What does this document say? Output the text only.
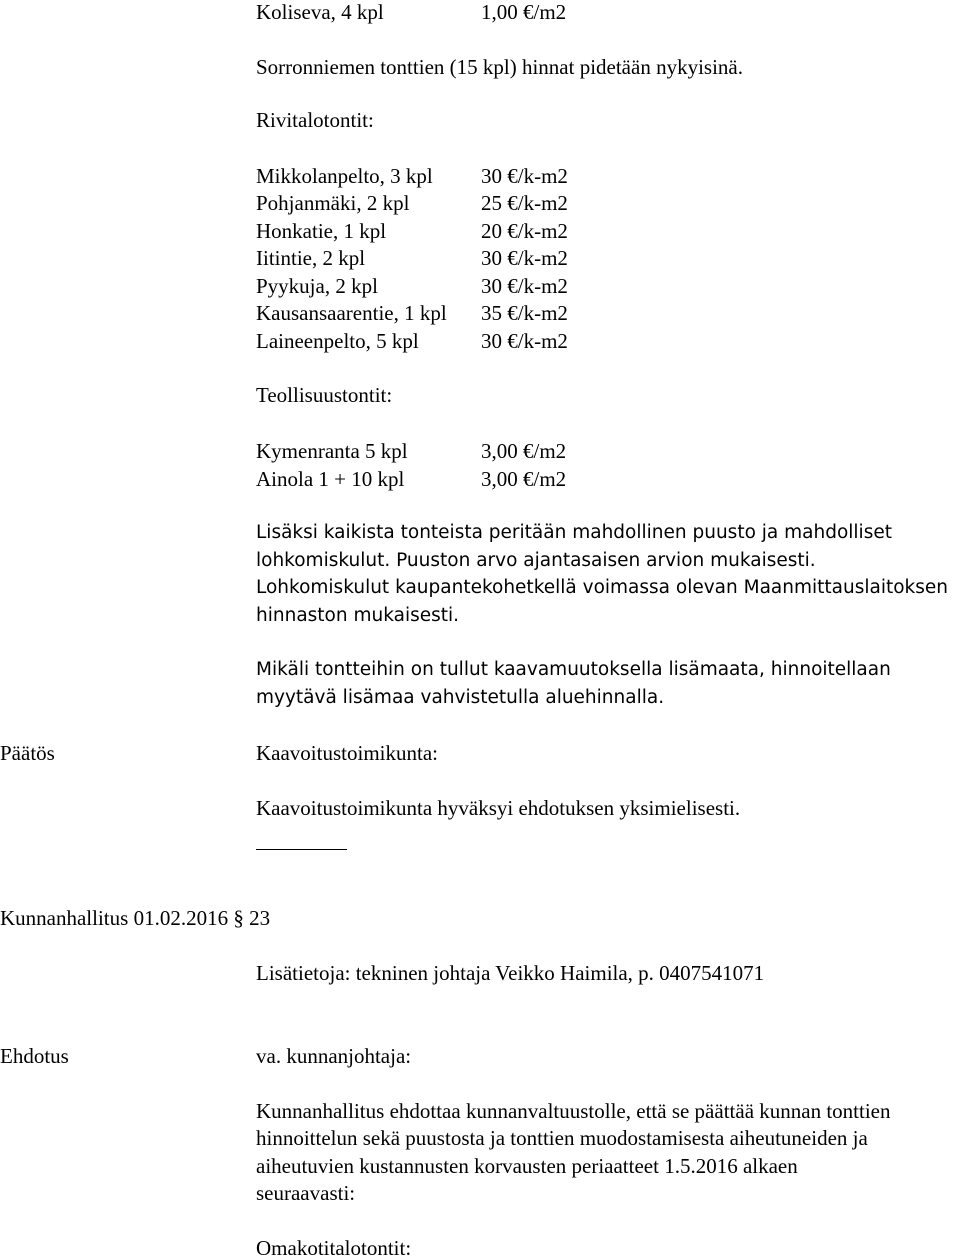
Koliseva, 4 kpl	1,00 €/m2
Sorronniemen tonttien (15 kpl) hinnat pidetään nykyisinä.
Rivitalotontit:
Mikkolanpelto, 3 kpl 30 €/k-m2
Pohjanmäki, 2 kpl	25 €/k-m2
Honkatie, 1 kpl	20 €/k-m2
Iitintie, 2 kpl	30 €/k-m2
Pyykuja, 2 kpl	30 €/k-m2
Kausansaarentie, 1 kpl 35 €/k-m2
Laineenpelto, 5 kpl	30 €/k-m2
Teollisuustontit:
Kymenranta 5 kpl	3,00 €/m2
Ainola 1 + 10 kpl	3,00 €/m2
Lisäksi kaikista tonteista peritään mahdollinen puusto ja mahdolliset
lohkomiskulut. Puuston arvo ajantasaisen arvion mukaisesti.
Lohkomiskulut kaupantekohetkellä voimassa olevan Maanmittauslaitoksen
hinnaston mukaisesti.
Mikäli tontteihin on tullut kaavamuutoksella lisämaata, hinnoitellaan
myytävä lisämaa vahvistetulla aluehinnalla.
Päätös	Kaavoitustoimikunta:
Kaavoitustoimikunta hyväksyi ehdotuksen yksimielisesti.
Kunnanhallitus 01.02.2016 § 23
Lisätietoja: tekninen johtaja Veikko Haimila, p. 0407541071
Ehdotus	va. kunnanjohtaja:
Kunnanhallitus ehdottaa kunnanvaltuustolle, että se päättää kunnan tonttien
hinnoittelun sekä puustosta ja tonttien muodostamisesta aiheutuneiden ja
aiheutuvien kustannusten korvausten periaatteet 1.5.2016 alkaen
seuraavasti:
Omakotitalotontit:
